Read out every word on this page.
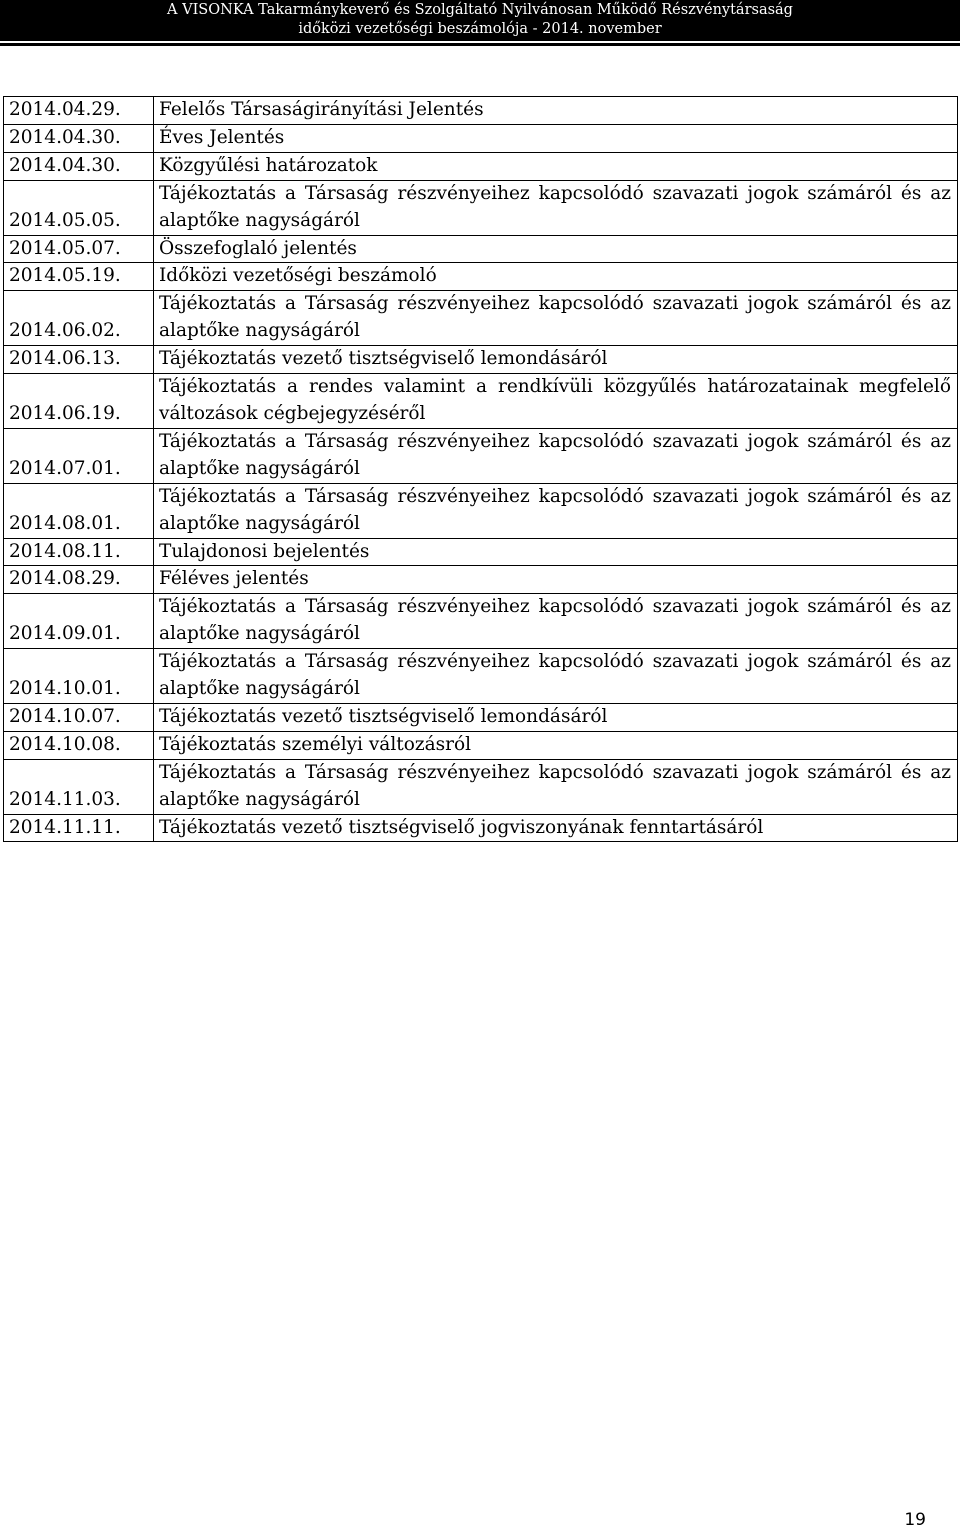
A VISONKA Takarmánykeverő és Szolgáltató Nyilvánosan Működő Részvénytársaság
időközi vezetőségi beszámolója - 2014. november
2014.04.29.	Felelős Társaságirányítási Jelentés
2014.04.30.	Éves Jelentés
2014.04.30.	Közgyűlési határozatok
2014.05.05.	Tájékoztatás a Társaság részvényeihez kapcsolódó szavazati jogok számáról és az alaptőke nagyságáról
2014.05.07.	Összefoglaló jelentés
2014.05.19.	Időközi vezetőségi beszámoló
2014.06.02.	Tájékoztatás a Társaság részvényeihez kapcsolódó szavazati jogok számáról és az alaptőke nagyságáról
2014.06.13.	Tájékoztatás vezető tisztségviselő lemondásáról
2014.06.19.	Tájékoztatás a rendes valamint a rendkívüli közgyűlés határozatainak megfelelő változások cégbejegyzéséről
2014.07.01.	Tájékoztatás a Társaság részvényeihez kapcsolódó szavazati jogok számáról és az alaptőke nagyságáról
2014.08.01.	Tájékoztatás a Társaság részvényeihez kapcsolódó szavazati jogok számáról és az alaptőke nagyságáról
2014.08.11.	Tulajdonosi bejelentés
2014.08.29.	Féléves jelentés
2014.09.01.	Tájékoztatás a Társaság részvényeihez kapcsolódó szavazati jogok számáról és az alaptőke nagyságáról
2014.10.01.	Tájékoztatás a Társaság részvényeihez kapcsolódó szavazati jogok számáról és az alaptőke nagyságáról
2014.10.07.	Tájékoztatás vezető tisztségviselő lemondásáról
2014.10.08.	Tájékoztatás személyi változásról
2014.11.03.	Tájékoztatás a Társaság részvényeihez kapcsolódó szavazati jogok számáról és az alaptőke nagyságáról
2014.11.11.	Tájékoztatás vezető tisztségviselő jogviszonyának fenntartásáról
19
